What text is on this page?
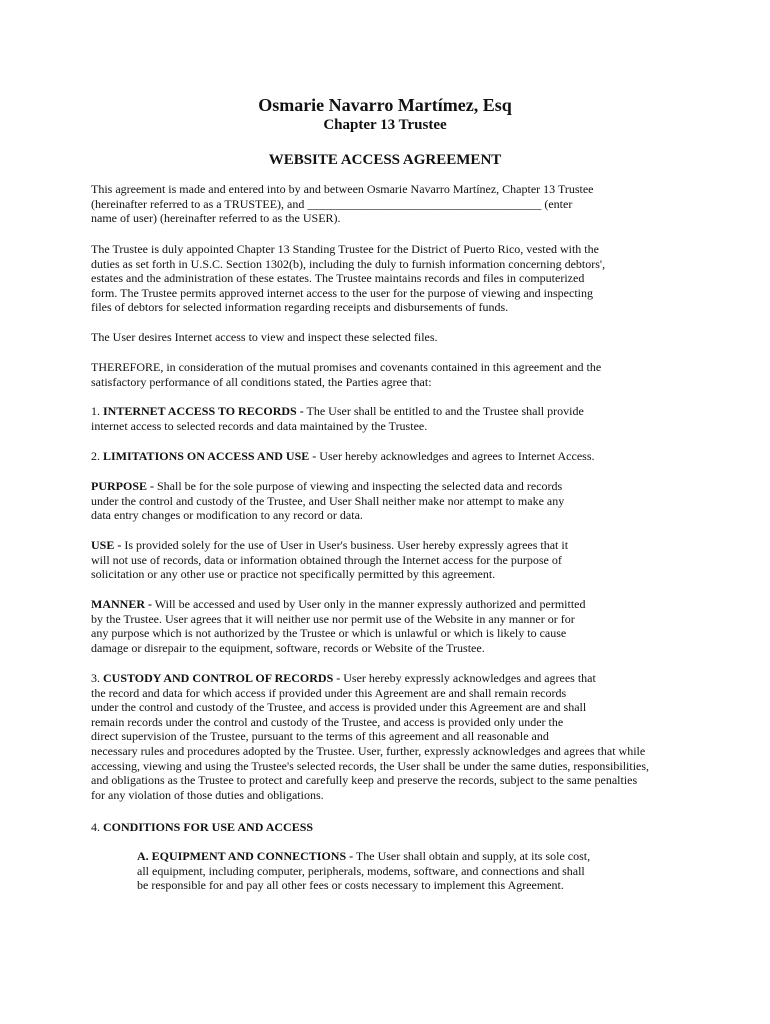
Osmarie Navarro Martímez, Esq
Chapter 13 Trustee
WEBSITE ACCESS AGREEMENT
This agreement is made and entered into by and between Osmarie Navarro Martínez, Chapter 13 Trustee
(hereinafter referred to as a TRUSTEE), and _______________________________________ (enter
name of user) (hereinafter referred to as the USER).
The Trustee is duly appointed Chapter 13 Standing Trustee for the District of Puerto Rico, vested with the
duties as set forth in U.S.C. Section 1302(b), including the duly to furnish information concerning debtors',
estates and the administration of these estates. The Trustee maintains records and files in computerized
form. The Trustee permits approved internet access to the user for the purpose of viewing and inspecting
files of debtors for selected information regarding receipts and disbursements of funds.
The User desires Internet access to view and inspect these selected files.
THEREFORE, in consideration of the mutual promises and covenants contained in this agreement and the
satisfactory performance of all conditions stated, the Parties agree that:
1. INTERNET ACCESS TO RECORDS - The User shall be entitled to and the Trustee shall provide
internet access to selected records and data maintained by the Trustee.
2. LIMITATIONS ON ACCESS AND USE - User hereby acknowledges and agrees to Internet Access.
PURPOSE - Shall be for the sole purpose of viewing and inspecting the selected data and records
under the control and custody of the Trustee, and User Shall neither make nor attempt to make any
data entry changes or modification to any record or data.
USE - Is provided solely for the use of User in User's business. User hereby expressly agrees that it
will not use of records, data or information obtained through the Internet access for the purpose of
solicitation or any other use or practice not specifically permitted by this agreement.
MANNER - Will be accessed and used by User only in the manner expressly authorized and permitted
by the Trustee. User agrees that it will neither use nor permit use of the Website in any manner or for
any purpose which is not authorized by the Trustee or which is unlawful or which is likely to cause
damage or disrepair to the equipment, software, records or Website of the Trustee.
3. CUSTODY AND CONTROL OF RECORDS - User hereby expressly acknowledges and agrees that
the record and data for which access if provided under this Agreement are and shall remain records
under the control and custody of the Trustee, and access is provided under this Agreement are and shall
remain records under the control and custody of the Trustee, and access is provided only under the
direct supervision of the Trustee, pursuant to the terms of this agreement and all reasonable and
necessary rules and procedures adopted by the Trustee. User, further, expressly acknowledges and agrees that while
accessing, viewing and using the Trustee's selected records, the User shall be under the same duties, responsibilities,
and obligations as the Trustee to protect and carefully keep and preserve the records, subject to the same penalties
for any violation of those duties and obligations.
4. CONDITIONS FOR USE AND ACCESS
A. EQUIPMENT AND CONNECTIONS - The User shall obtain and supply, at its sole cost,
all equipment, including computer, peripherals, modems, software, and connections and shall
be responsible for and pay all other fees or costs necessary to implement this Agreement.
